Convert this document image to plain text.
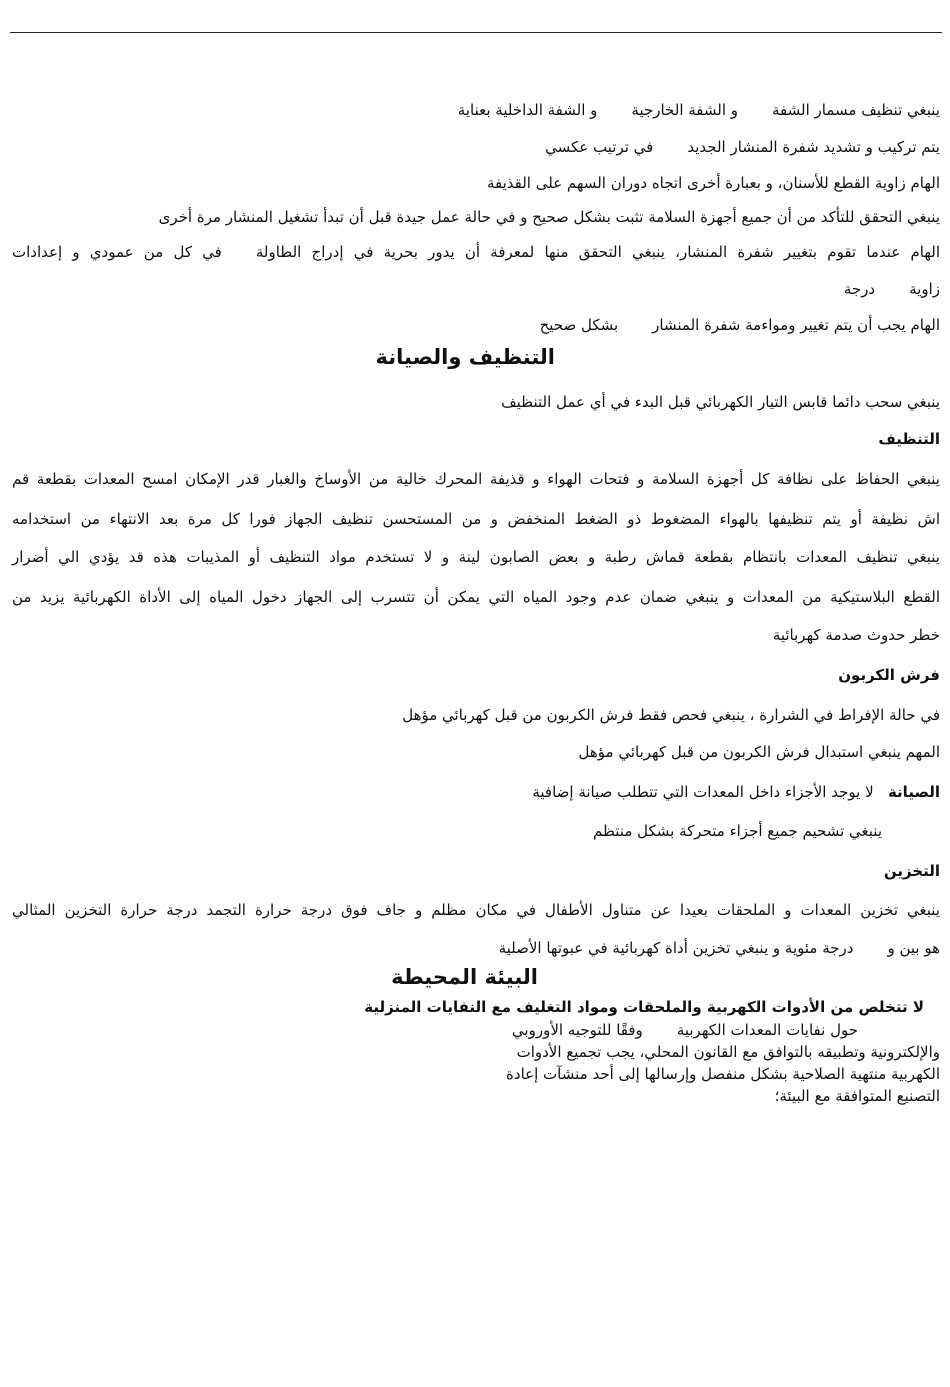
ينبغي تنظيف مسمار الشفةو الشفة الخارجيةو الشفة الداخلية بعناية
يتم تركيب و تشديد شفرة المنشار الجديدفي ترتيب عكسي
الهام زاوية القطع للأسنان، و بعبارة أخرى اتجاه دوران السهم على القذيفة
ينبغي التحقق للتأكد من أن جميع أجهزة السلامة تثبت بشكل صحيح و في حالة عمل جيدة قبل أن تبدأ تشغيل المنشار مرة أخرى
الهام عندما تقوم بتغيير شفرة المنشار، ينبغي التحقق منها لمعرفة أن يدور بحرية في إدراج الطاولةفي كل من عمودي و إعدادات
زاويةدرجة
الهام يجب أن يتم تغيير ومواءمة شفرة المنشاربشكل صحيح
التنظيف والصيانة
ينبغي سحب دائما قابس التيار الكهربائي قبل البدء في أي عمل التنظيف
التنظيف
ينبغي الحفاظ على نظافة كل أجهزة السلامة و فتحات الهواء و قذيفة المحرك خالية من الأوساخ والغبار قدر الإمكان امسح المعدات بقطعة قم
اش نظيفة أو يتم تنظيفها بالهواء المضغوط ذو الضغط المنخفض و من المستحسن تنظيف الجهاز فورا كل مرة بعد الانتهاء من استخدامه
ينبغي تنظيف المعدات بانتظام بقطعة قماش رطبة و بعض الصابون لينة و لا تستخدم مواد التنظيف أو المذيبات هذه قد يؤدي الي أضرار
القطع البلاستيكية من المعدات و ينبغي ضمان عدم وجود المياه التي يمكن أن تتسرب إلى الجهاز دخول المياه إلى الأداة الكهربائية يزيد من
خطر حدوث صدمة كهربائية
فرش الكربون
في حالة الإفراط في الشرارة ، ينبغي فحص فقط فرش الكربون من قبل كهربائي مؤهل
المهم ينبغي استبدال فرش الكربون من قبل كهربائي مؤهل
الصيانة   لا يوجد الأجزاء داخل المعدات التي تتطلب صيانة إضافية
ينبغي تشحيم جميع أجزاء متحركة بشكل منتظم
التخزين
ينبغي تخزين المعدات و الملحقات بعيدا عن متناول الأطفال في مكان مظلم و جاف فوق درجة حرارة التجمد درجة حرارة التخزين المثالي
هو بين ودرجة مئوية و ينبغي تخزين أداة كهربائية في عبوتها الأصلية
البيئة المحيطة
لا تتخلص من الأدوات الكهربية والملحقات ومواد التغليف مع النفايات المنزلية
حول نفايات المعدات الكهربيةوفقًا للتوجيه الأوروبي
والإلكترونية وتطبيقه بالتوافق مع القانون المحلي، يجب تجميع الأدوات
الكهربية منتهية الصلاحية بشكل منفصل وإرسالها إلى أحد منشآت إعادة
التصنيع المتوافقة مع البيئة؛
